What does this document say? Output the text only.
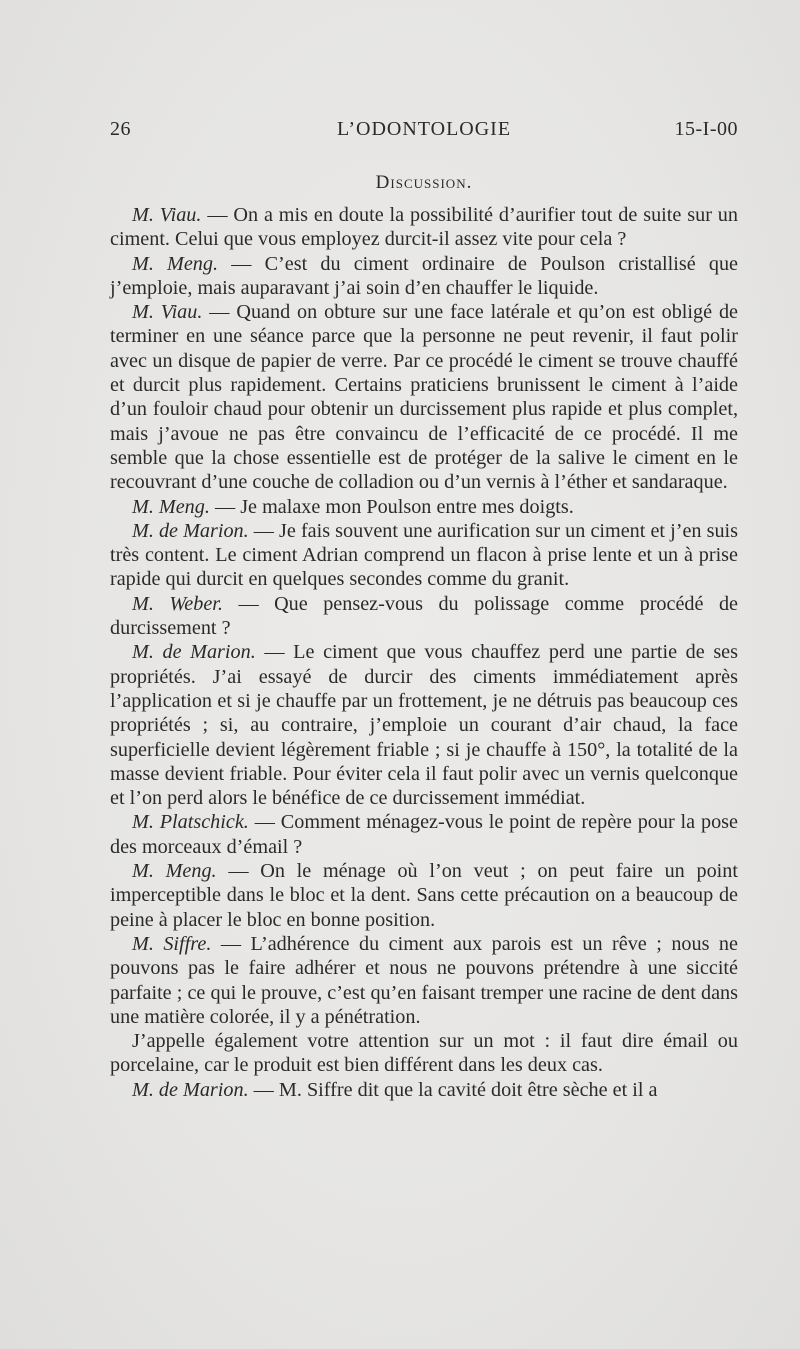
26	L’ODONTOLOGIE	15-I-00
Discussion.

M. Viau. — On a mis en doute la possibilité d’aurifier tout de suite sur un ciment. Celui que vous employez durcit-il assez vite pour cela ?

M. Meng. — C’est du ciment ordinaire de Poulson cristallisé que j’emploie, mais auparavant j’ai soin d’en chauffer le liquide.

M. Viau. — Quand on obture sur une face latérale et qu’on est obligé de terminer en une séance parce que la personne ne peut revenir, il faut polir avec un disque de papier de verre. Par ce procédé le ciment se trouve chauffé et durcit plus rapidement. Certains praticiens brunissent le ciment à l’aide d’un fouloir chaud pour obtenir un durcissement plus rapide et plus complet, mais j’avoue ne pas être convaincu de l’efficacité de ce procédé. Il me semble que la chose essentielle est de protéger de la salive le ciment en le recouvrant d’une couche de colladion ou d’un vernis à l’éther et sandaraque.

M. Meng. — Je malaxe mon Poulson entre mes doigts.

M. de Marion. — Je fais souvent une aurification sur un ciment et j’en suis très content. Le ciment Adrian comprend un flacon à prise lente et un à prise rapide qui durcit en quelques secondes comme du granit.

M. Weber. — Que pensez-vous du polissage comme procédé de durcissement ?

M. de Marion. — Le ciment que vous chauffez perd une partie de ses propriétés. J’ai essayé de durcir des ciments immédiatement après l’application et si je chauffe par un frottement, je ne détruis pas beaucoup ces propriétés ; si, au contraire, j’emploie un courant d’air chaud, la face superficielle devient légèrement friable ; si je chauffe à 150°, la totalité de la masse devient friable. Pour éviter cela il faut polir avec un vernis quelconque et l’on perd alors le bénéfice de ce durcissement immédiat.

M. Platschick. — Comment ménagez-vous le point de repère pour la pose des morceaux d’émail ?

M. Meng. — On le ménage où l’on veut ; on peut faire un point imperceptible dans le bloc et la dent. Sans cette précaution on a beaucoup de peine à placer le bloc en bonne position.

M. Siffre. — L’adhérence du ciment aux parois est un rêve ; nous ne pouvons pas le faire adhérer et nous ne pouvons prétendre à une siccité parfaite ; ce qui le prouve, c’est qu’en faisant tremper une racine de dent dans une matière colorée, il y a pénétration.

J’appelle également votre attention sur un mot : il faut dire émail ou porcelaine, car le produit est bien différent dans les deux cas.

M. de Marion. — M. Siffre dit que la cavité doit être sèche et il a
